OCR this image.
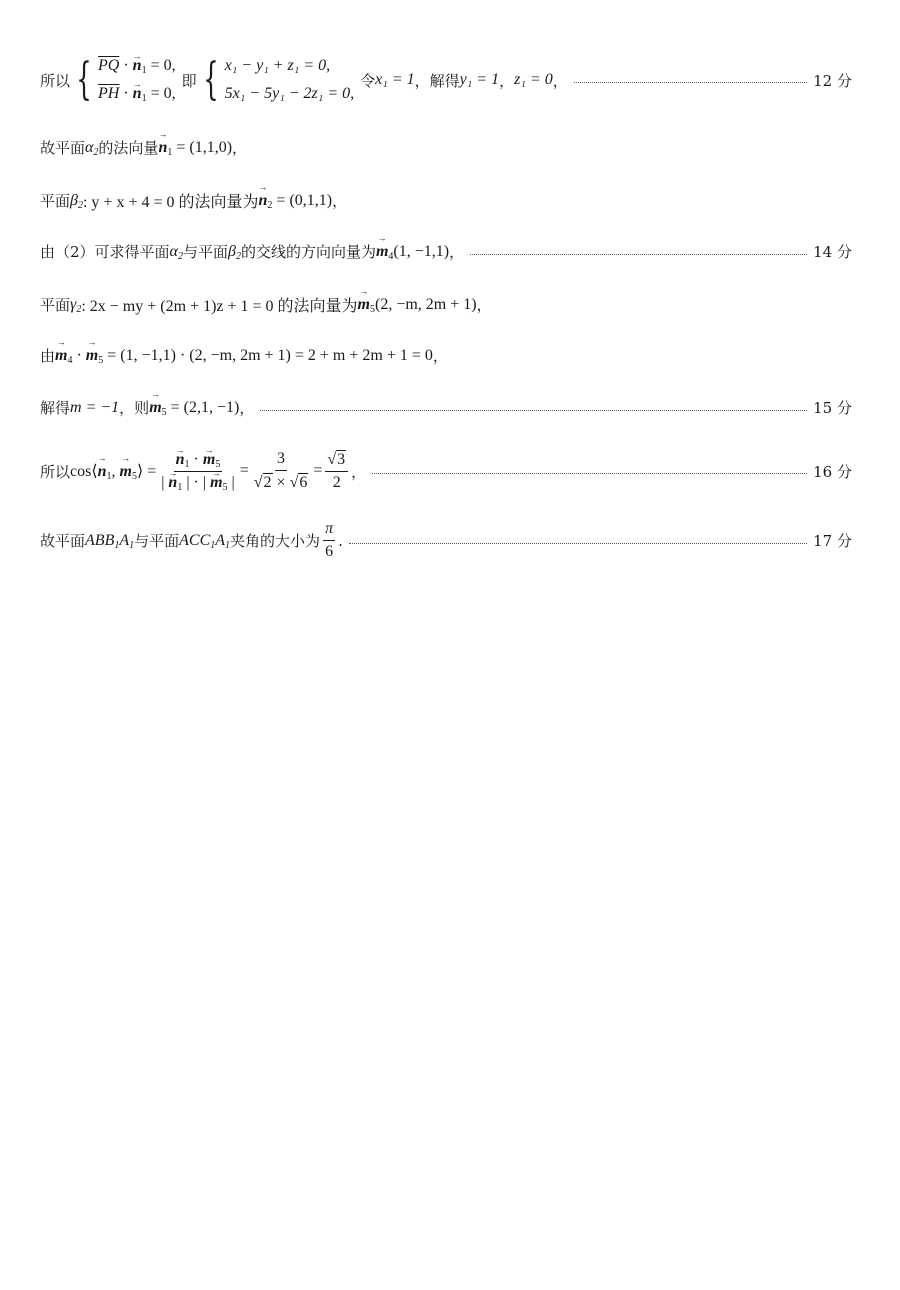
所以 { $\overline{PQ}$ · → $n_1 = 0$,
$\overline{PH}$ · → $n_1 = 0$,
即 { x₁ − y₁ + z₁ = 0,
5x₁ − 5y₁ − 2z₁ = 0,
令 x₁ = 1 ，解得 y₁ = 1 ， z₁ = 0 ，	12 分
故平面 $\alpha_2$ 的法向量 → $n_1 = (1,1,0)$ ，
平面 $\beta_2$ : y + x + 4 = 0 的法向量为 → $n_2 = (0,1,1)$ ，
由（2）可求得平面 $\alpha_2$ 与平面 $\beta_2$ 的交线的方向向量为 → $m_4(1$, −1,1) ，	14 分
平面 $\gamma_2$ : 2x − my + (2m + 1)z + 1 = 0 的法向量为 → $m_5(2$, −m, 2m + 1) ，
由 → $m_4$ · → $m_5 = (1$, −1,1) · (2, −m, 2m + 1) = 2 + m + 2m + 1 = 0 ，
解得 m = −1 ，则 → $m_5 = (2,1$, −1) ，	15 分
所以 cos⟨→ $n_1$, → $m_5⟩$ = → $\frac{n_1 \cdot \to m_5}{| \to n_1 | \cdot | \to m_5 |} = \frac{3}{√ 2 \times √ 6} = \frac{√ 3}{2}$ ，	16 分
故平面 $ABB_1A_1$ 与平面 $ACC_1A_1$ 夹角的大小为 $\frac{\pi}{6}$ .	17 分
